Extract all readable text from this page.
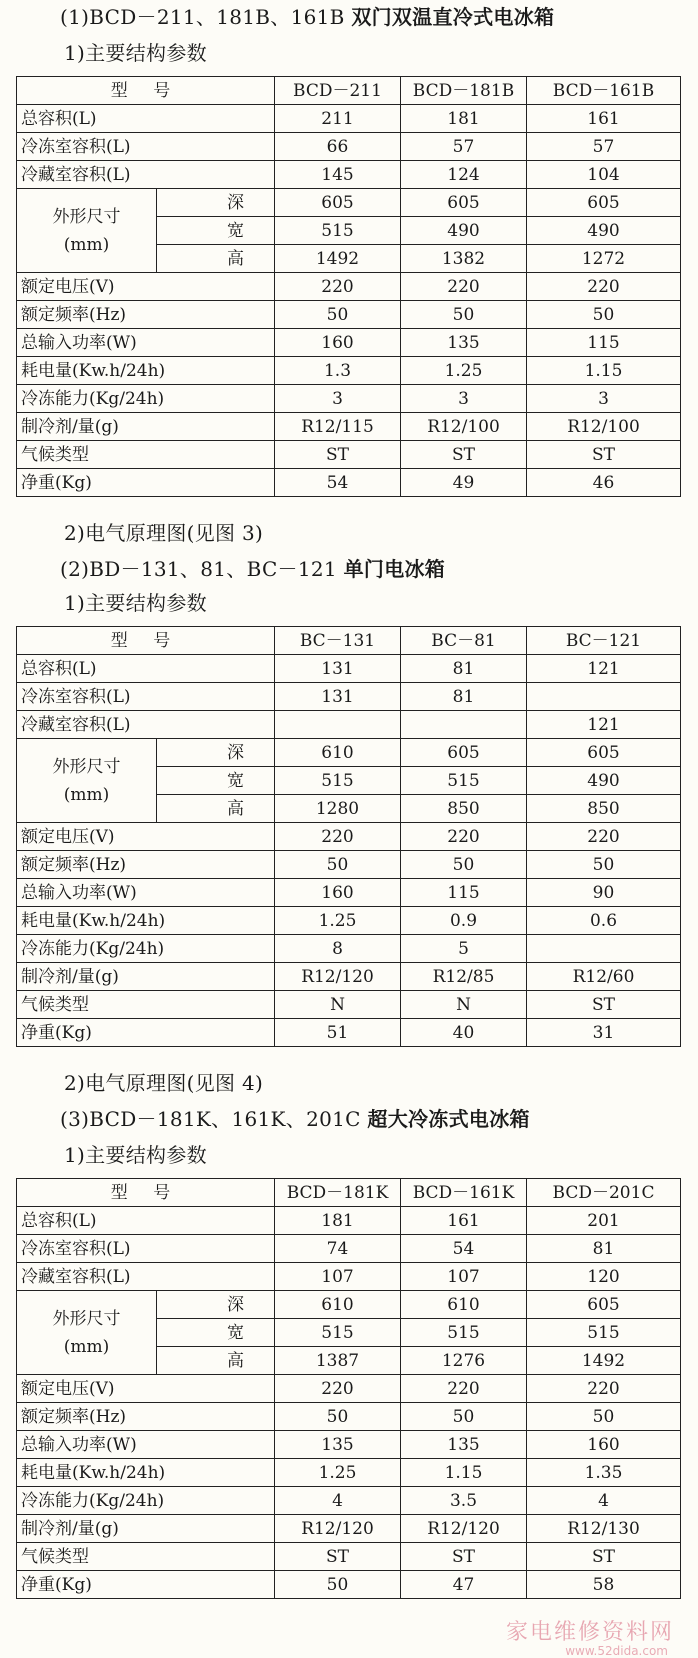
(1)BCD－211、181B、161B 双门双温直冷式电冰箱
1)主要结构参数
型 号		BCD－211	BCD－181B	BCD－161B
总容积(L)		211	181	161
冷冻室容积(L)		66	57	57
冷藏室容积(L)		145	124	104

外形尺寸
(mm)	深	605	605	605
	宽	515	490	490
	高	1492	1382	1272
额定电压(V)		220	220	220
额定频率(Hz)		50	50	50
总输入功率(W)		160	135	115
耗电量(Kw.h/24h)		1.3	1.25	1.15
冷冻能力(Kg/24h)		3	3	3
制冷剂/量(g)		R12/115	R12/100	R12/100
气候类型		ST	ST	ST
净重(Kg)		54	49	46
2)电气原理图(见图 3)
(2)BD－131、81、BC－121 单门电冰箱
1)主要结构参数
型 号		BC－131	BC－81	BC－121
总容积(L)		131	81	121
冷冻室容积(L)		131	81	
冷藏室容积(L)				121

外形尺寸
(mm)	深	610	605	605
	宽	515	515	490
	高	1280	850	850
额定电压(V)		220	220	220
额定频率(Hz)		50	50	50
总输入功率(W)		160	115	90
耗电量(Kw.h/24h)		1.25	0.9	0.6
冷冻能力(Kg/24h)		8	5	
制冷剂/量(g)		R12/120	R12/85	R12/60
气候类型		N	N	ST
净重(Kg)		51	40	31
2)电气原理图(见图 4)
(3)BCD－181K、161K、201C 超大冷冻式电冰箱
1)主要结构参数
型 号		BCD－181K	BCD－161K	BCD－201C
总容积(L)		181	161	201
冷冻室容积(L)		74	54	81
冷藏室容积(L)		107	107	120

外形尺寸
(mm)	深	610	610	605
	宽	515	515	515
	高	1387	1276	1492
额定电压(V)		220	220	220
额定频率(Hz)		50	50	50
总输入功率(W)		135	135	160
耗电量(Kw.h/24h)		1.25	1.15	1.35
冷冻能力(Kg/24h)		4	3.5	4
制冷剂/量(g)		R12/120	R12/120	R12/130
气候类型		ST	ST	ST
净重(Kg)		50	47	58
家电维修资料网
www.52dida.com
